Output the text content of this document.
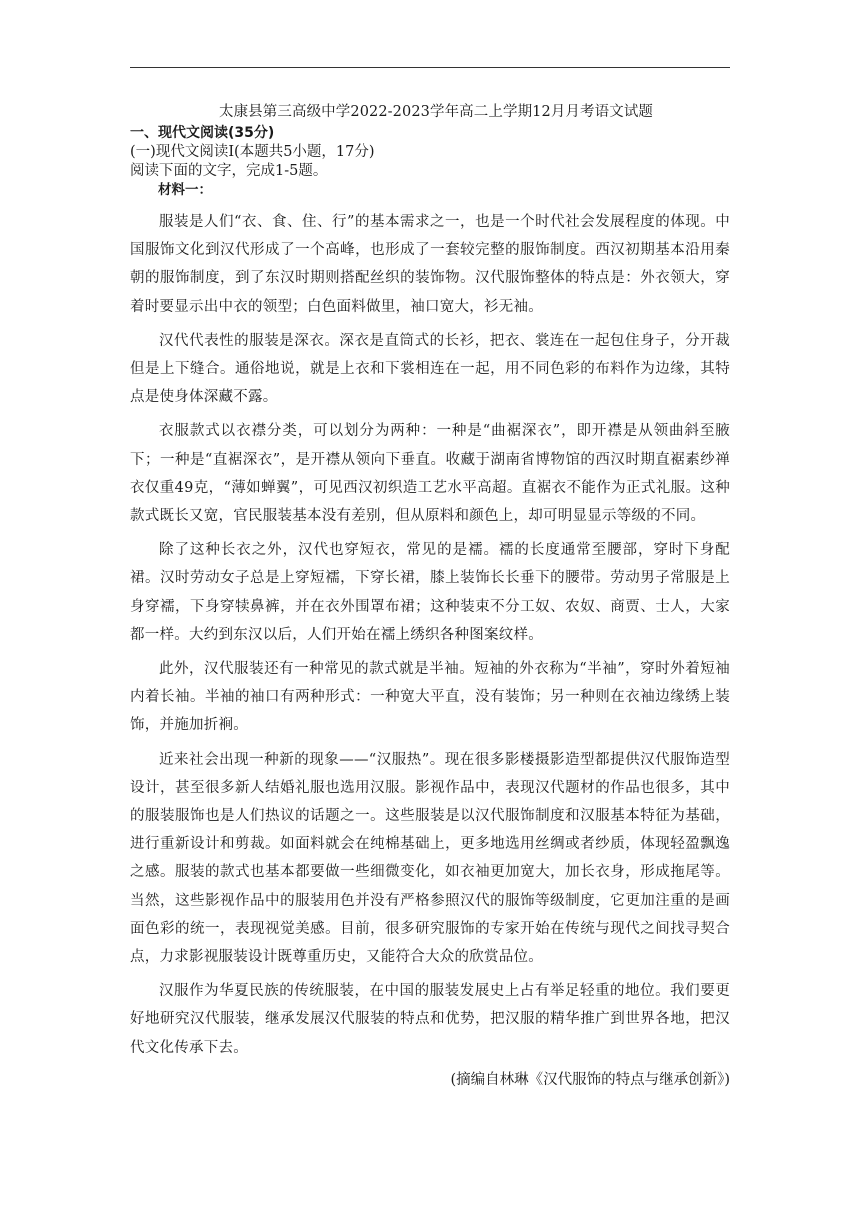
太康县第三高级中学2022-2023学年高二上学期12月月考语文试题

一、现代文阅读(35分)

(一)现代文阅读I(本题共5小题，17分)

阅读下面的文字，完成1-5题。

材料一：

服装是人们“衣、食、住、行”的基本需求之一，也是一个时代社会发展程度的体现。中国服饰文化到汉代形成了一个高峰，也形成了一套较完整的服饰制度。西汉初期基本沿用秦朝的服饰制度，到了东汉时期则搭配丝织的装饰物。汉代服饰整体的特点是：外衣领大，穿着时要显示出中衣的领型；白色面料做里，袖口宽大，衫无袖。

汉代代表性的服装是深衣。深衣是直筒式的长衫，把衣、裳连在一起包住身子，分开裁但是上下缝合。通俗地说，就是上衣和下裳相连在一起，用不同色彩的布料作为边缘，其特点是使身体深藏不露。

衣服款式以衣襟分类，可以划分为两种：一种是“曲裾深衣”，即开襟是从领曲斜至腋下；一种是“直裾深衣”，是开襟从领向下垂直。收藏于湖南省博物馆的西汉时期直裾素纱禅衣仅重49克，“薄如蝉翼”，可见西汉初织造工艺水平高超。直裾衣不能作为正式礼服。这种款式既长又宽，官民服装基本没有差别，但从原料和颜色上，却可明显显示等级的不同。

除了这种长衣之外，汉代也穿短衣，常见的是襦。襦的长度通常至腰部，穿时下身配裙。汉时劳动女子总是上穿短襦，下穿长裙，膝上装饰长长垂下的腰带。劳动男子常服是上身穿襦，下身穿犊鼻裤，并在衣外围罩布裙；这种装束不分工奴、农奴、商贾、士人，大家都一样。大约到东汉以后，人们开始在襦上绣织各种图案纹样。

此外，汉代服装还有一种常见的款式就是半袖。短袖的外衣称为“半袖”，穿时外着短袖内着长袖。半袖的袖口有两种形式：一种宽大平直，没有装饰；另一种则在衣袖边缘绣上装饰，并施加折裥。

近来社会出现一种新的现象——“汉服热”。现在很多影楼摄影造型都提供汉代服饰造型设计，甚至很多新人结婚礼服也选用汉服。影视作品中，表现汉代题材的作品也很多，其中的服装服饰也是人们热议的话题之一。这些服装是以汉代服饰制度和汉服基本特征为基础，进行重新设计和剪裁。如面料就会在纯棉基础上，更多地选用丝绸或者纱质，体现轻盈飘逸之感。服装的款式也基本都要做一些细微变化，如衣袖更加宽大，加长衣身，形成拖尾等。当然，这些影视作品中的服装用色并没有严格参照汉代的服饰等级制度，它更加注重的是画面色彩的统一，表现视觉美感。目前，很多研究服饰的专家开始在传统与现代之间找寻契合点，力求影视服装设计既尊重历史，又能符合大众的欣赏品位。

汉服作为华夏民族的传统服装，在中国的服装发展史上占有举足轻重的地位。我们要更好地研究汉代服装，继承发展汉代服装的特点和优势，把汉服的精华推广到世界各地，把汉代文化传承下去。

(摘编自林琳《汉代服饰的特点与继承创新》)
